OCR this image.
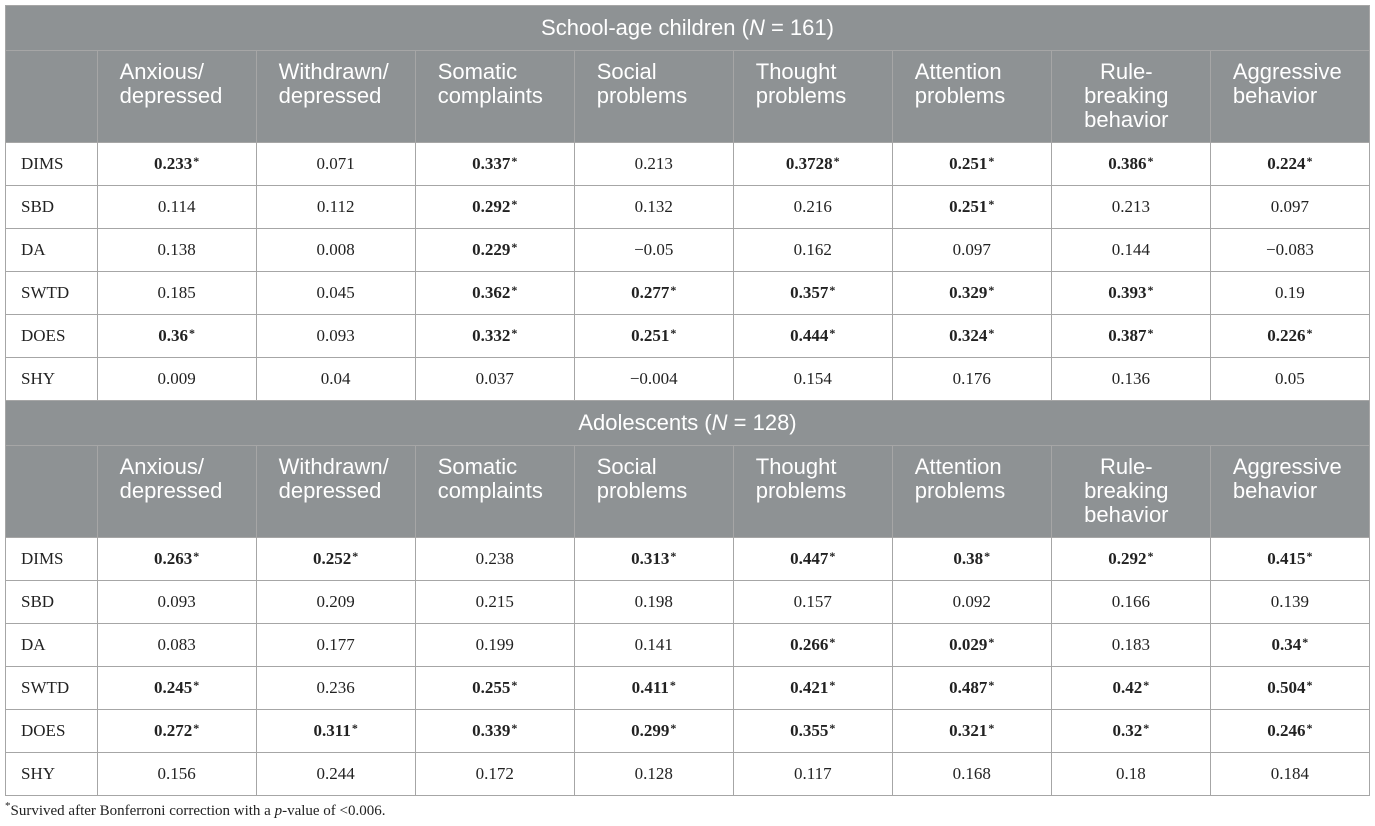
School-age children (N = 161)								

	Anxious/ depressed	Withdrawn/ depressed	Somatic complaints	Social problems	Thought problems	Attention problems	Rule- breaking behavior	Aggressive behavior

DIMS	0.233 *	0.071	0.337 *	0.213	0.3728 *	0.251 *	0.386 *	0.224 *
SBD	0.114	0.112	0.292 *	0.132	0.216	0.251 *	0.213	0.097
DA	0.138	0.008	0.229 *	−0.05	0.162	0.097	0.144	−0.083
SWTD	0.185	0.045	0.362 *	0.277 *	0.357 *	0.329 *	0.393 *	0.19
DOES	0.36 *	0.093	0.332 *	0.251 *	0.444 *	0.324 *	0.387 *	0.226 *
SHY	0.009	0.04	0.037	−0.004	0.154	0.176	0.136	0.05
Adolescents (N = 128)								

	Anxious/ depressed	Withdrawn/ depressed	Somatic complaints	Social problems	Thought problems	Attention problems	Rule- breaking behavior	Aggressive behavior

DIMS	0.263 *	0.252 *	0.238	0.313 *	0.447 *	0.38 *	0.292 *	0.415 *
SBD	0.093	0.209	0.215	0.198	0.157	0.092	0.166	0.139
DA	0.083	0.177	0.199	0.141	0.266 *	0.029 *	0.183	0.34 *
SWTD	0.245 *	0.236	0.255 *	0.411 *	0.421 *	0.487 *	0.42 *	0.504 *
DOES	0.272 *	0.311 *	0.339 *	0.299 *	0.355 *	0.321 *	0.32 *	0.246 *
SHY	0.156	0.244	0.172	0.128	0.117	0.168	0.18	0.184
*Survived after Bonferroni correction with a p-value of <0.006.
